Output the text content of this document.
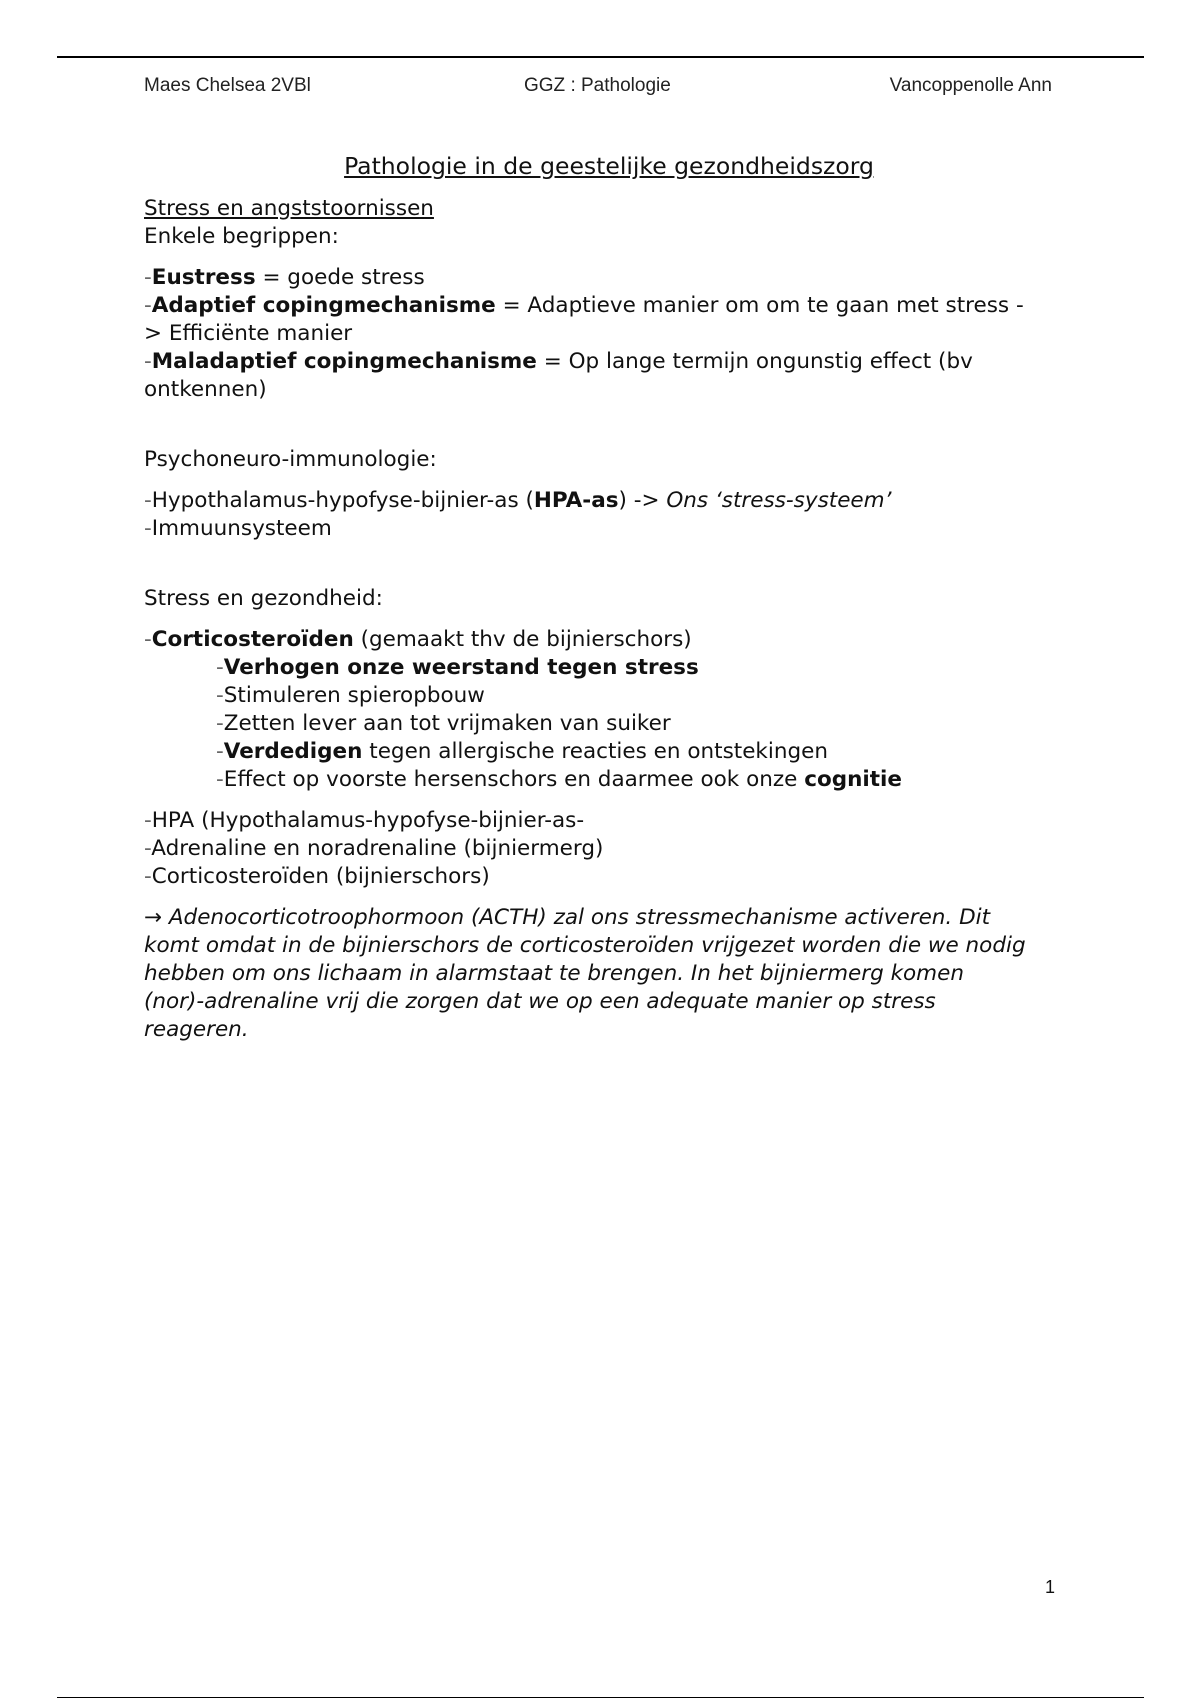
Maes Chelsea 2VBl	GGZ : Pathologie	Vancoppenolle Ann
Pathologie in de geestelijke gezondheidszorg
Stress en angststoornissen
Enkele begrippen:
-Eustress = goede stress
-Adaptief copingmechanisme = Adaptieve manier om om te gaan met stress -
> Efficiënte manier
-Maladaptief copingmechanisme = Op lange termijn ongunstig effect (bv
ontkennen)
Psychoneuro-immunologie:
-Hypothalamus-hypofyse-bijnier-as (HPA-as) -> Ons ‘stress-systeem’
-Immuunsysteem
Stress en gezondheid:
-Corticosteroïden (gemaakt thv de bijnierschors)
-Verhogen onze weerstand tegen stress
-Stimuleren spieropbouw
-Zetten lever aan tot vrijmaken van suiker
-Verdedigen tegen allergische reacties en ontstekingen
-Effect op voorste hersenschors en daarmee ook onze cognitie
-HPA (Hypothalamus-hypofyse-bijnier-as-
-Adrenaline en noradrenaline (bijniermerg)
-Corticosteroïden (bijnierschors)
→ Adenocorticotroophormoon (ACTH) zal ons stressmechanisme activeren. Dit
komt omdat in de bijnierschors de corticosteroïden vrijgezet worden die we nodig
hebben om ons lichaam in alarmstaat te brengen. In het bijniermerg komen
(nor)-adrenaline vrij die zorgen dat we op een adequate manier op stress
reageren.
1
